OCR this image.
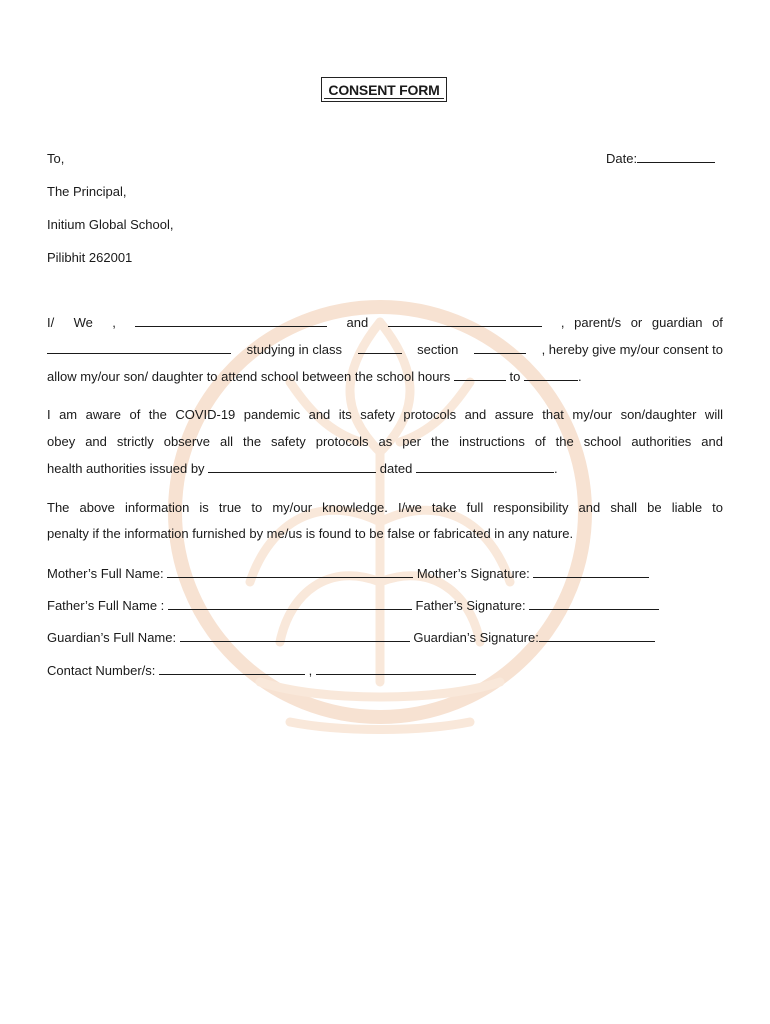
CONSENT FORM
To,	Date:
The Principal,
Initium Global School,
Pilibhit 262001
I/ We ,	and	, parent/s or guardian of
studying in class	section	, hereby give my/our consent to
allow my/our son/ daughter to attend school between the school hours	to	.
I am aware of the COVID-19 pandemic and its safety protocols and assure that my/our son/daughter will
obey and strictly observe all the safety protocols as per the instructions of the school authorities and
health authorities issued by	dated	.
The above information is true to my/our knowledge. I/we take full responsibility and shall be liable to
penalty if the information furnished by me/us is found to be false or fabricated in any nature.
Mother’s Full Name:	Mother’s Signature:
Father’s Full Name :	Father’s Signature:
Guardian’s Full Name:	Guardian’s Signature:
Contact Number/s:	,
